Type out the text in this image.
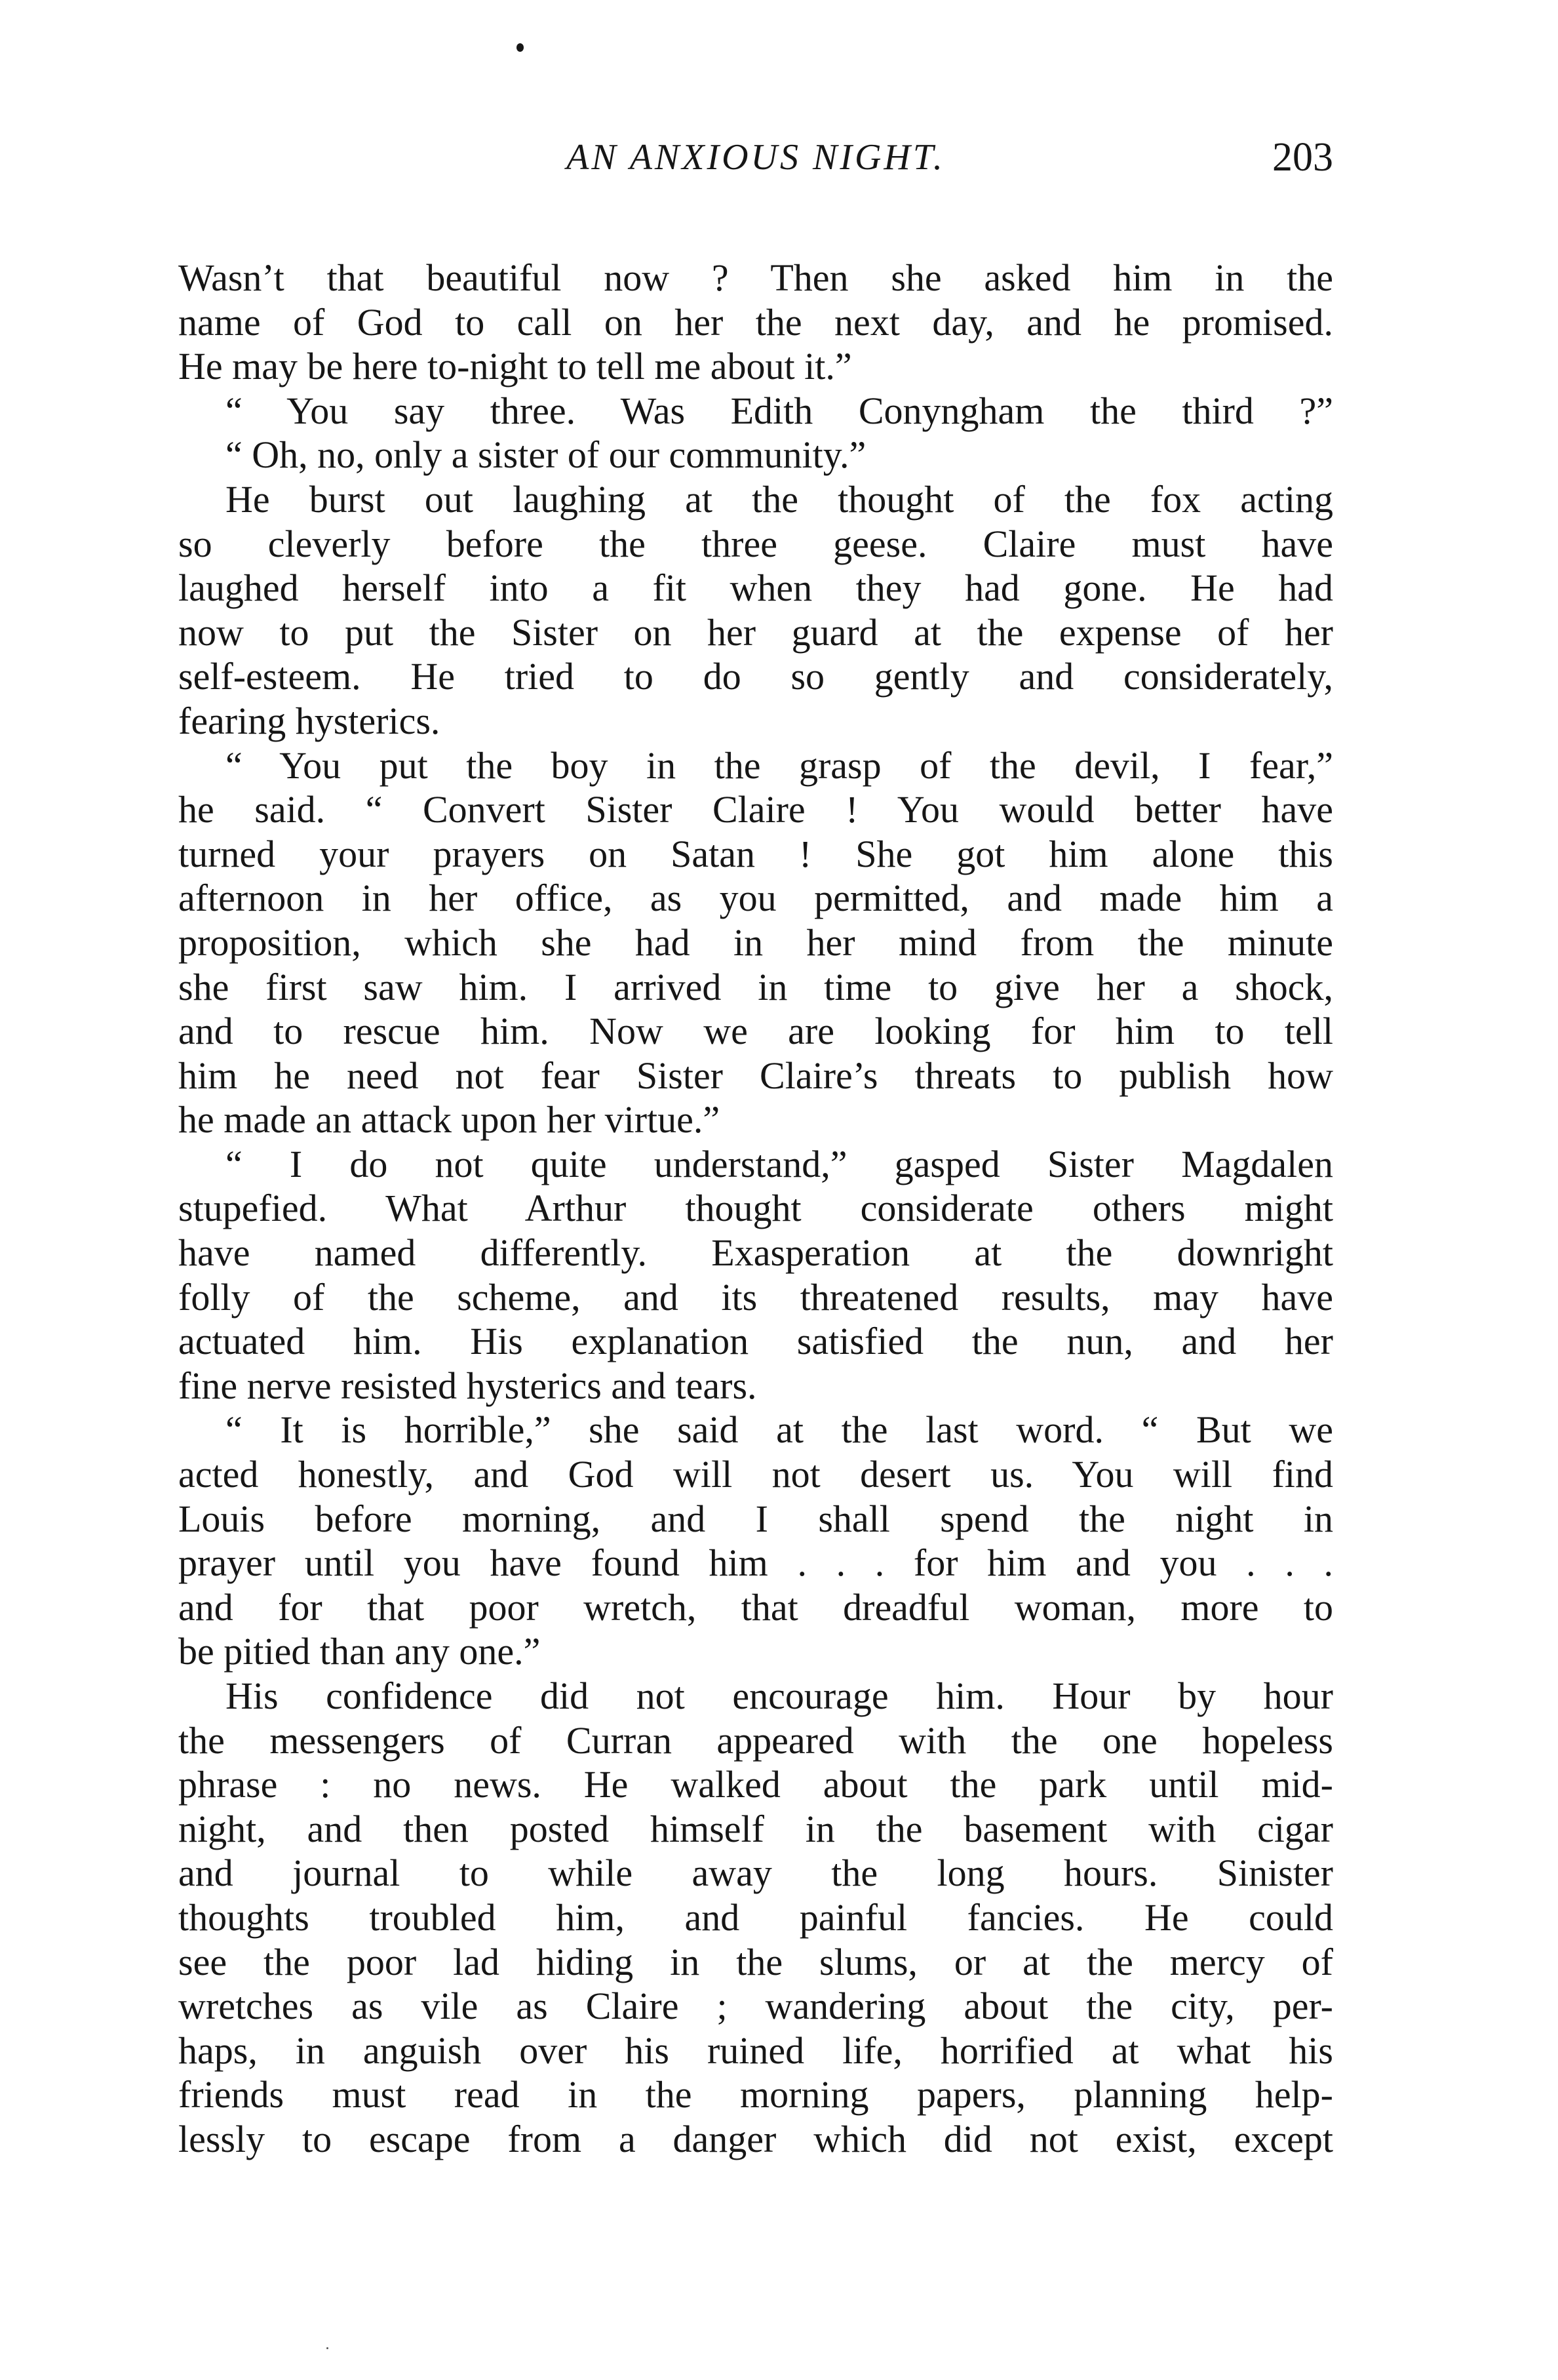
AN ANXIOUS NIGHT.	203
Wasn’t that beautiful now ? Then she asked him in the
name of God to call on her the next day, and he promised.
He may be here to-night to tell me about it.”
“ You say three. Was Edith Conyngham the third ?”
“ Oh, no, only a sister of our community.”
He burst out laughing at the thought of the fox acting
so cleverly before the three geese. Claire must have
laughed herself into a fit when they had gone. He had
now to put the Sister on her guard at the expense of her
self-esteem. He tried to do so gently and considerately,
fearing hysterics.
“ You put the boy in the grasp of the devil, I fear,”
he said. “ Convert Sister Claire ! You would better have
turned your prayers on Satan ! She got him alone this
afternoon in her office, as you permitted, and made him a
proposition, which she had in her mind from the minute
she first saw him. I arrived in time to give her a shock,
and to rescue him. Now we are looking for him to tell
him he need not fear Sister Claire’s threats to publish how
he made an attack upon her virtue.”
“ I do not quite understand,” gasped Sister Magdalen
stupefied. What Arthur thought considerate others might
have named differently. Exasperation at the downright
folly of the scheme, and its threatened results, may have
actuated him. His explanation satisfied the nun, and her
fine nerve resisted hysterics and tears.
“ It is horrible,” she said at the last word. “ But we
acted honestly, and God will not desert us. You will find
Louis before morning, and I shall spend the night in
prayer until you have found him . . . for him and you . . .
and for that poor wretch, that dreadful woman, more to
be pitied than any one.”
His confidence did not encourage him. Hour by hour
the messengers of Curran appeared with the one hopeless
phrase : no news. He walked about the park until mid-
night, and then posted himself in the basement with cigar
and journal to while away the long hours. Sinister
thoughts troubled him, and painful fancies. He could
see the poor lad hiding in the slums, or at the mercy of
wretches as vile as Claire ; wandering about the city, per-
haps, in anguish over his ruined life, horrified at what his
friends must read in the morning papers, planning help-
lessly to escape from a danger which did not exist, except
